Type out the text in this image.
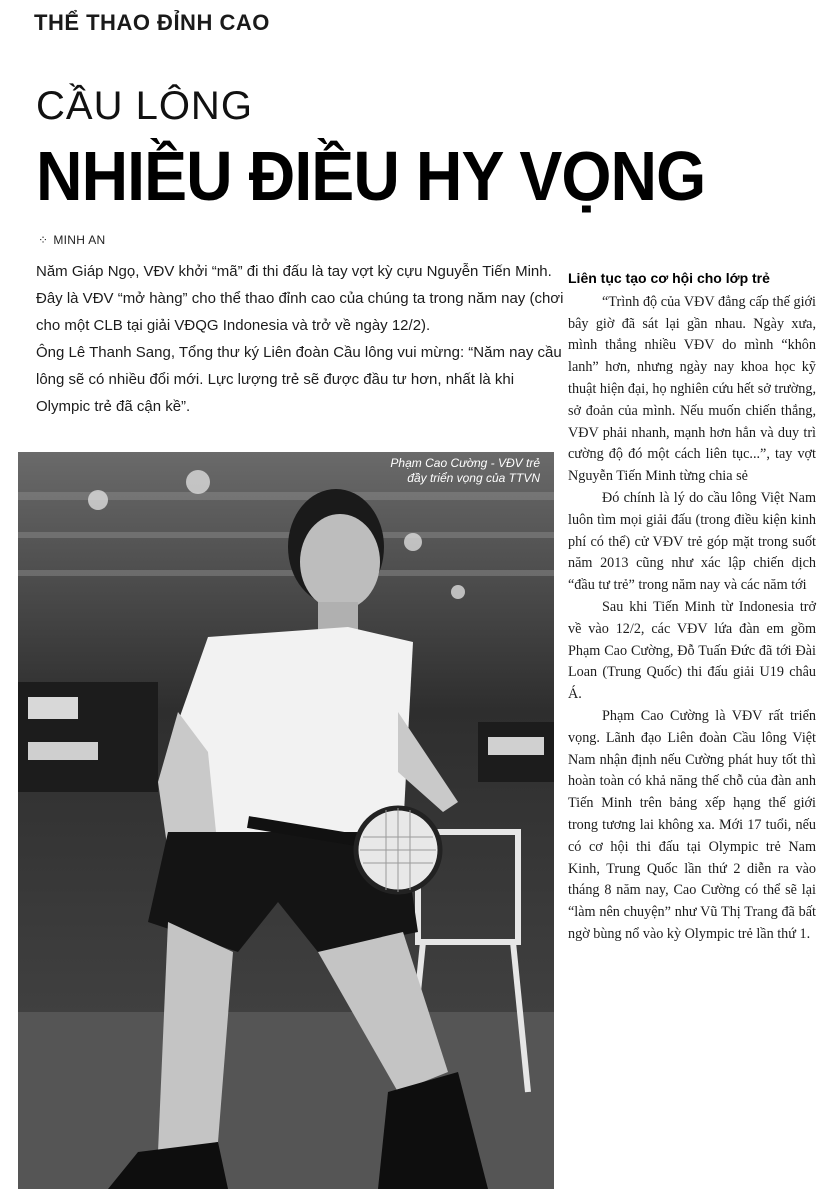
THỂ THAO ĐỈNH CAO
CẦU LÔNG
NHIỀU ĐIỀU HY VỌNG
⁘ MINH AN

Năm Giáp Ngọ, VĐV khởi “mã” đi thi đấu là tay vợt kỳ cựu Nguyễn Tiến Minh. Đây là VĐV “mở hàng” cho thể thao đỉnh cao của chúng ta trong năm nay (chơi cho một CLB tại giải VĐQG Indonesia và trở về ngày 12/2).

Ông Lê Thanh Sang, Tổng thư ký Liên đoàn Cầu lông vui mừng: “Năm nay cầu lông sẽ có nhiều đổi mới. Lực lượng trẻ sẽ được đầu tư hơn, nhất là khi Olympic trẻ đã cận kề”.

Phạm Cao Cường - VĐV trẻ đầy triển vọng của TTVN
Liên tục tạo cơ hội cho lớp trẻ

“Trình độ của VĐV đẳng cấp thế giới bây giờ đã sát lại gần nhau. Ngày xưa, mình thắng nhiều VĐV do mình “khôn lanh” hơn, nhưng ngày nay khoa học kỹ thuật hiện đại, họ nghiên cứu hết sở trường, sở đoản của mình. Nếu muốn chiến thắng, VĐV phải nhanh, mạnh hơn hẳn và duy trì cường độ đó một cách liên tục...”, tay vợt Nguyễn Tiến Minh từng chia sẻ

Đó chính là lý do cầu lông Việt Nam luôn tìm mọi giải đấu (trong điều kiện kinh phí có thể) cử VĐV trẻ góp mặt trong suốt năm 2013 cũng như xác lập chiến dịch “đầu tư trẻ” trong năm nay và các năm tới

Sau khi Tiến Minh từ Indonesia trở về vào 12/2, các VĐV lứa đàn em gồm Phạm Cao Cường, Đỗ Tuấn Đức đã tới Đài Loan (Trung Quốc) thi đấu giải U19 châu Á.

Phạm Cao Cường là VĐV rất triển vọng. Lãnh đạo Liên đoàn Cầu lông Việt Nam nhận định nếu Cường phát huy tốt thì hoàn toàn có khả năng thế chỗ của đàn anh Tiến Minh trên bảng xếp hạng thế giới trong tương lai không xa. Mới 17 tuổi, nếu có cơ hội thi đấu tại Olympic trẻ Nam Kinh, Trung Quốc lần thứ 2 diễn ra vào tháng 8 năm nay, Cao Cường có thể sẽ lại “làm nên chuyện” như Vũ Thị Trang đã bất ngờ bùng nổ vào kỳ Olympic trẻ lần thứ 1.
